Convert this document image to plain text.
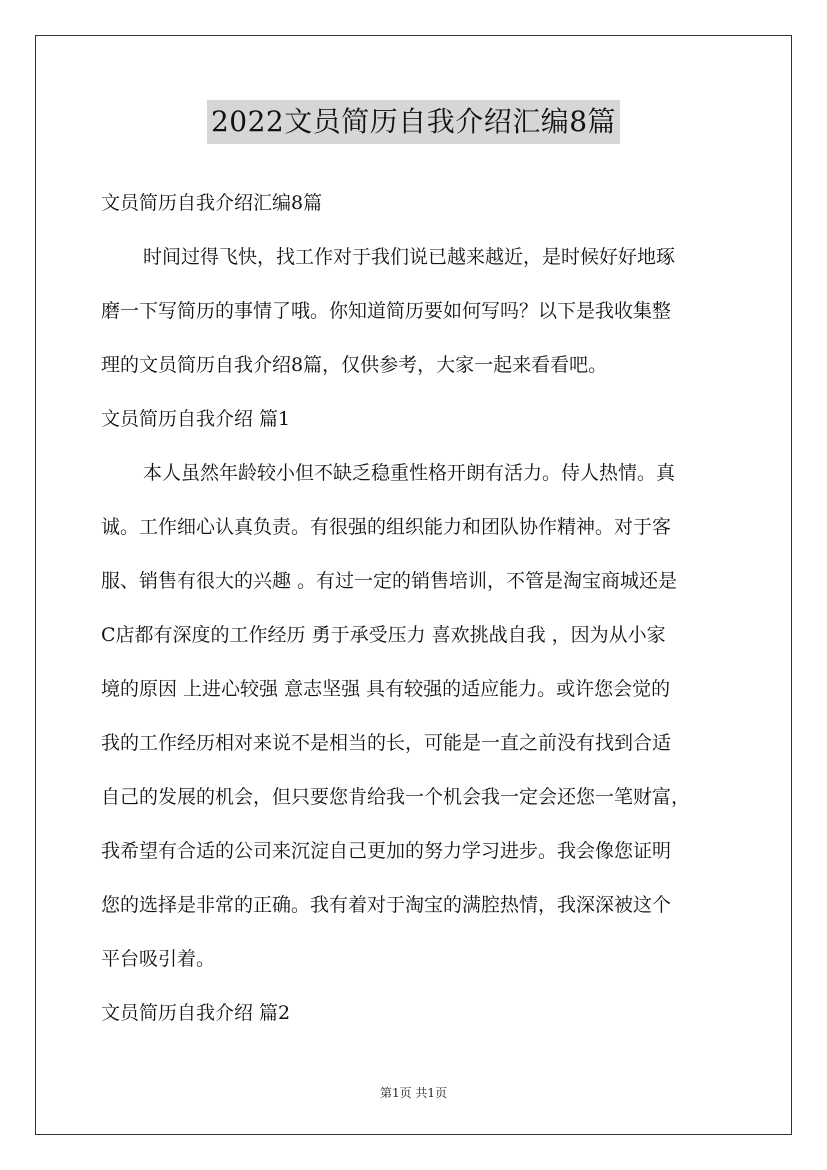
2022文员简历自我介绍汇编8篇
文员简历自我介绍汇编8篇
时间过得飞快，找工作对于我们说已越来越近，是时候好好地琢
磨一下写简历的事情了哦。你知道简历要如何写吗？以下是我收集整
理的文员简历自我介绍8篇，仅供参考，大家一起来看看吧。
文员简历自我介绍 篇1
本人虽然年龄较小但不缺乏稳重性格开朗有活力。侍人热情。真
诚。工作细心认真负责。有很强的组织能力和团队协作精神。对于客
服、销售有很大的兴趣 。有过一定的销售培训，不管是淘宝商城还是
C店都有深度的工作经历 勇于承受压力 喜欢挑战自我 ，因为从小家
境的原因 上进心较强 意志坚强 具有较强的适应能力。或许您会觉的
我的工作经历相对来说不是相当的长，可能是一直之前没有找到合适
自己的发展的机会，但只要您肯给我一个机会我一定会还您一笔财富，
我希望有合适的公司来沉淀自己更加的努力学习进步。我会像您证明
您的选择是非常的正确。我有着对于淘宝的满腔热情，我深深被这个
平台吸引着。
文员简历自我介绍 篇2
第1页 共1页
